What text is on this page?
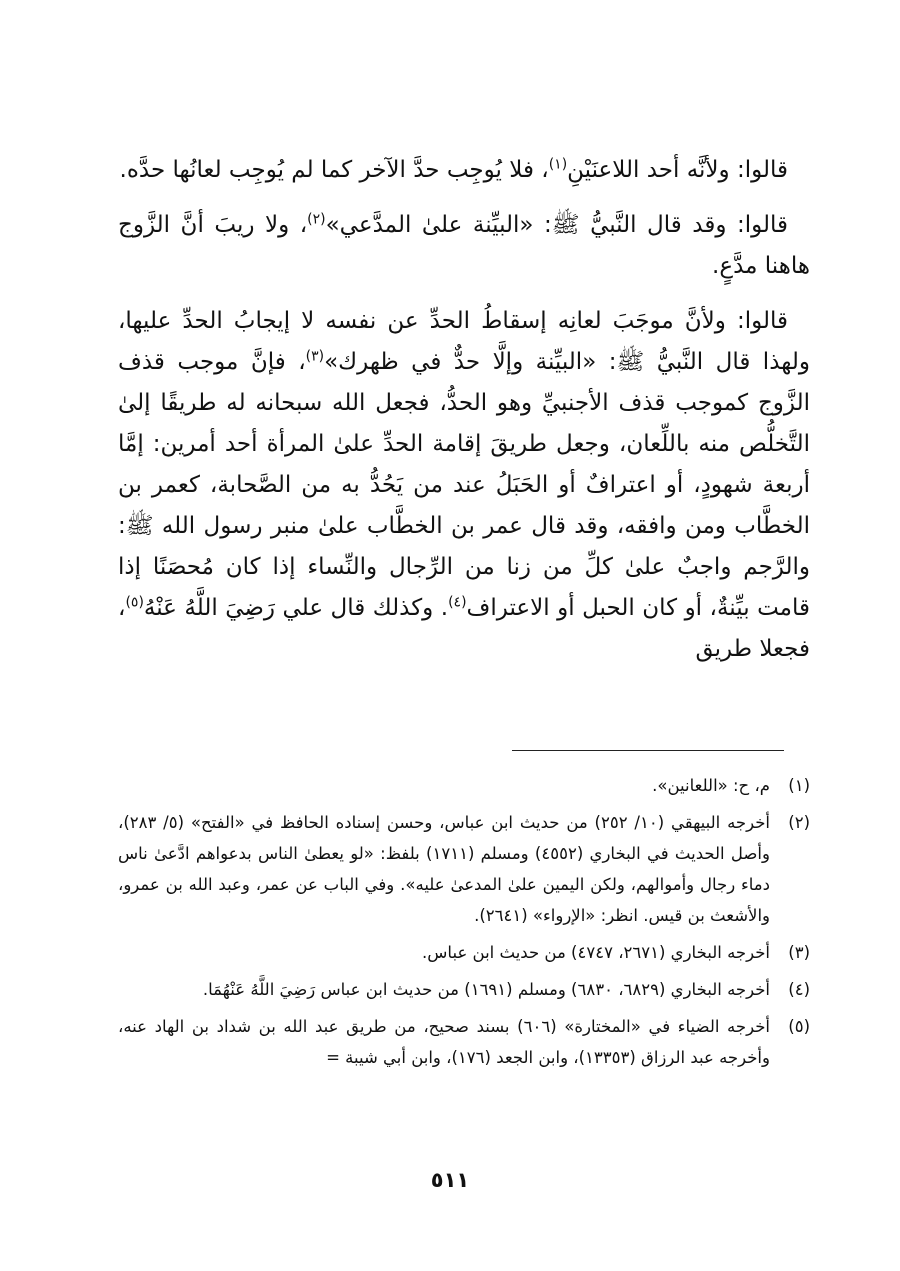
قالوا: ولأنَّه أحد اللاعنَيْنِ$^{(١)}$، فلا يُوجِب حدَّ الآخر كما لم يُوجِب لعانُها حدَّه.

قالوا: وقد قال النَّبيُّ ﷺ: «البيِّنة علىٰ المدَّعي»$^{(٢)}$، ولا ريبَ أنَّ الزَّوج هاهنا مدَّعٍ.

قالوا: ولأنَّ موجَبَ لعانِه إسقاطُ الحدِّ عن نفسه لا إيجابُ الحدِّ عليها، ولهذا قال النَّبيُّ ﷺ: «البيِّنة وإلَّا حدٌّ في ظهرك»$^{(٣)}$، فإنَّ موجب قذف الزَّوج كموجب قذف الأجنبيِّ وهو الحدُّ، فجعل الله سبحانه له طريقًا إلىٰ التَّخلُّص منه باللِّعان، وجعل طريقَ إقامة الحدِّ علىٰ المرأة أحد أمرين: إمَّا أربعة شهودٍ، أو اعترافٌ أو الحَبَلُ عند من يَحُدُّ به من الصَّحابة، كعمر بن الخطَّاب ومن وافقه، وقد قال عمر بن الخطَّاب علىٰ منبر رسول الله ﷺ: والرَّجم واجبٌ علىٰ كلِّ من زنا من الرِّجال والنِّساء إذا كان مُحصَنًا إذا قامت بيِّنةٌ، أو كان الحبل أو الاعتراف$^{(٤)}$. وكذلك قال علي رَضِيَ اللَّهُ عَنْهُ$^{(٥)}$، فجعلا طريق

(١)
م، ح: «اللعانين».
(٢)
أخرجه البيهقي (١٠/ ٢٥٢) من حديث ابن عباس، وحسن إسناده الحافظ في «الفتح» (٥/ ٢٨٣)، وأصل الحديث في البخاري (٤٥٥٢) ومسلم (١٧١١) بلفظ: «لو يعطىٰ الناس بدعواهم ادَّعىٰ ناس دماء رجال وأموالهم، ولكن اليمين علىٰ المدعىٰ عليه». وفي الباب عن عمر، وعبد الله بن عمرو، والأشعث بن قيس. انظر: «الإرواء» (٢٦٤١).
(٣)
أخرجه البخاري (٢٦٧١، ٤٧٤٧) من حديث ابن عباس.
(٤)
أخرجه البخاري (٦٨٢٩، ٦٨٣٠) ومسلم (١٦٩١) من حديث ابن عباس رَضِيَ اللَّهُ عَنْهُمَا.
(٥)
أخرجه الضياء في «المختارة» (٦٠٦) بسند صحيح، من طريق عبد الله بن شداد بن الهاد عنه، وأخرجه عبد الرزاق (١٣٣٥٣)، وابن الجعد (١٧٦)، وابن أبي شيبة =
٥١١
